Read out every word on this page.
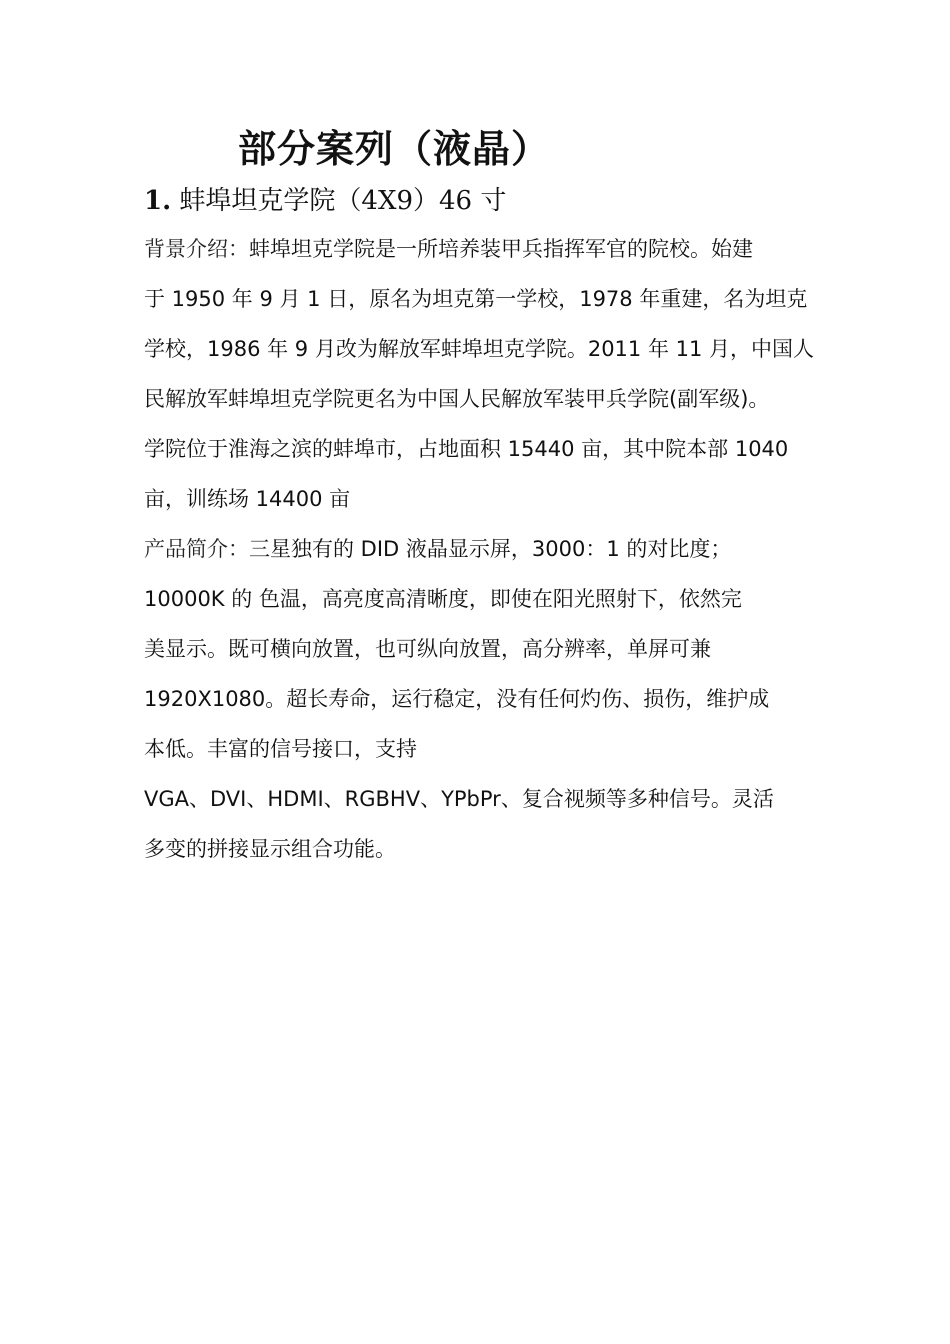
部分案列（液晶）
1. 蚌埠坦克学院（4X9）46 寸
背景介绍：蚌埠坦克学院是一所培养装甲兵指挥军官的院校。始建
于 1950 年 9 月 1 日，原名为坦克第一学校，1978 年重建，名为坦克
学校，1986 年 9 月改为解放军蚌埠坦克学院。2011 年 11 月，中国人
民解放军蚌埠坦克学院更名为中国人民解放军装甲兵学院(副军级)。
学院位于淮海之滨的蚌埠市，占地面积 15440 亩，其中院本部 1040
亩，训练场 14400 亩
产品简介：三星独有的 DID 液晶显示屏，3000：1 的对比度；
10000K 的 色温，高亮度高清晰度，即使在阳光照射下，依然完
美显示。既可横向放置，也可纵向放置，高分辨率，单屏可兼
1920X1080。超长寿命，运行稳定，没有任何灼伤、损伤，维护成
本低。丰富的信号接口，支持
VGA、DVI、HDMI、RGBHV、YPbPr、复合视频等多种信号。灵活
多变的拼接显示组合功能。
